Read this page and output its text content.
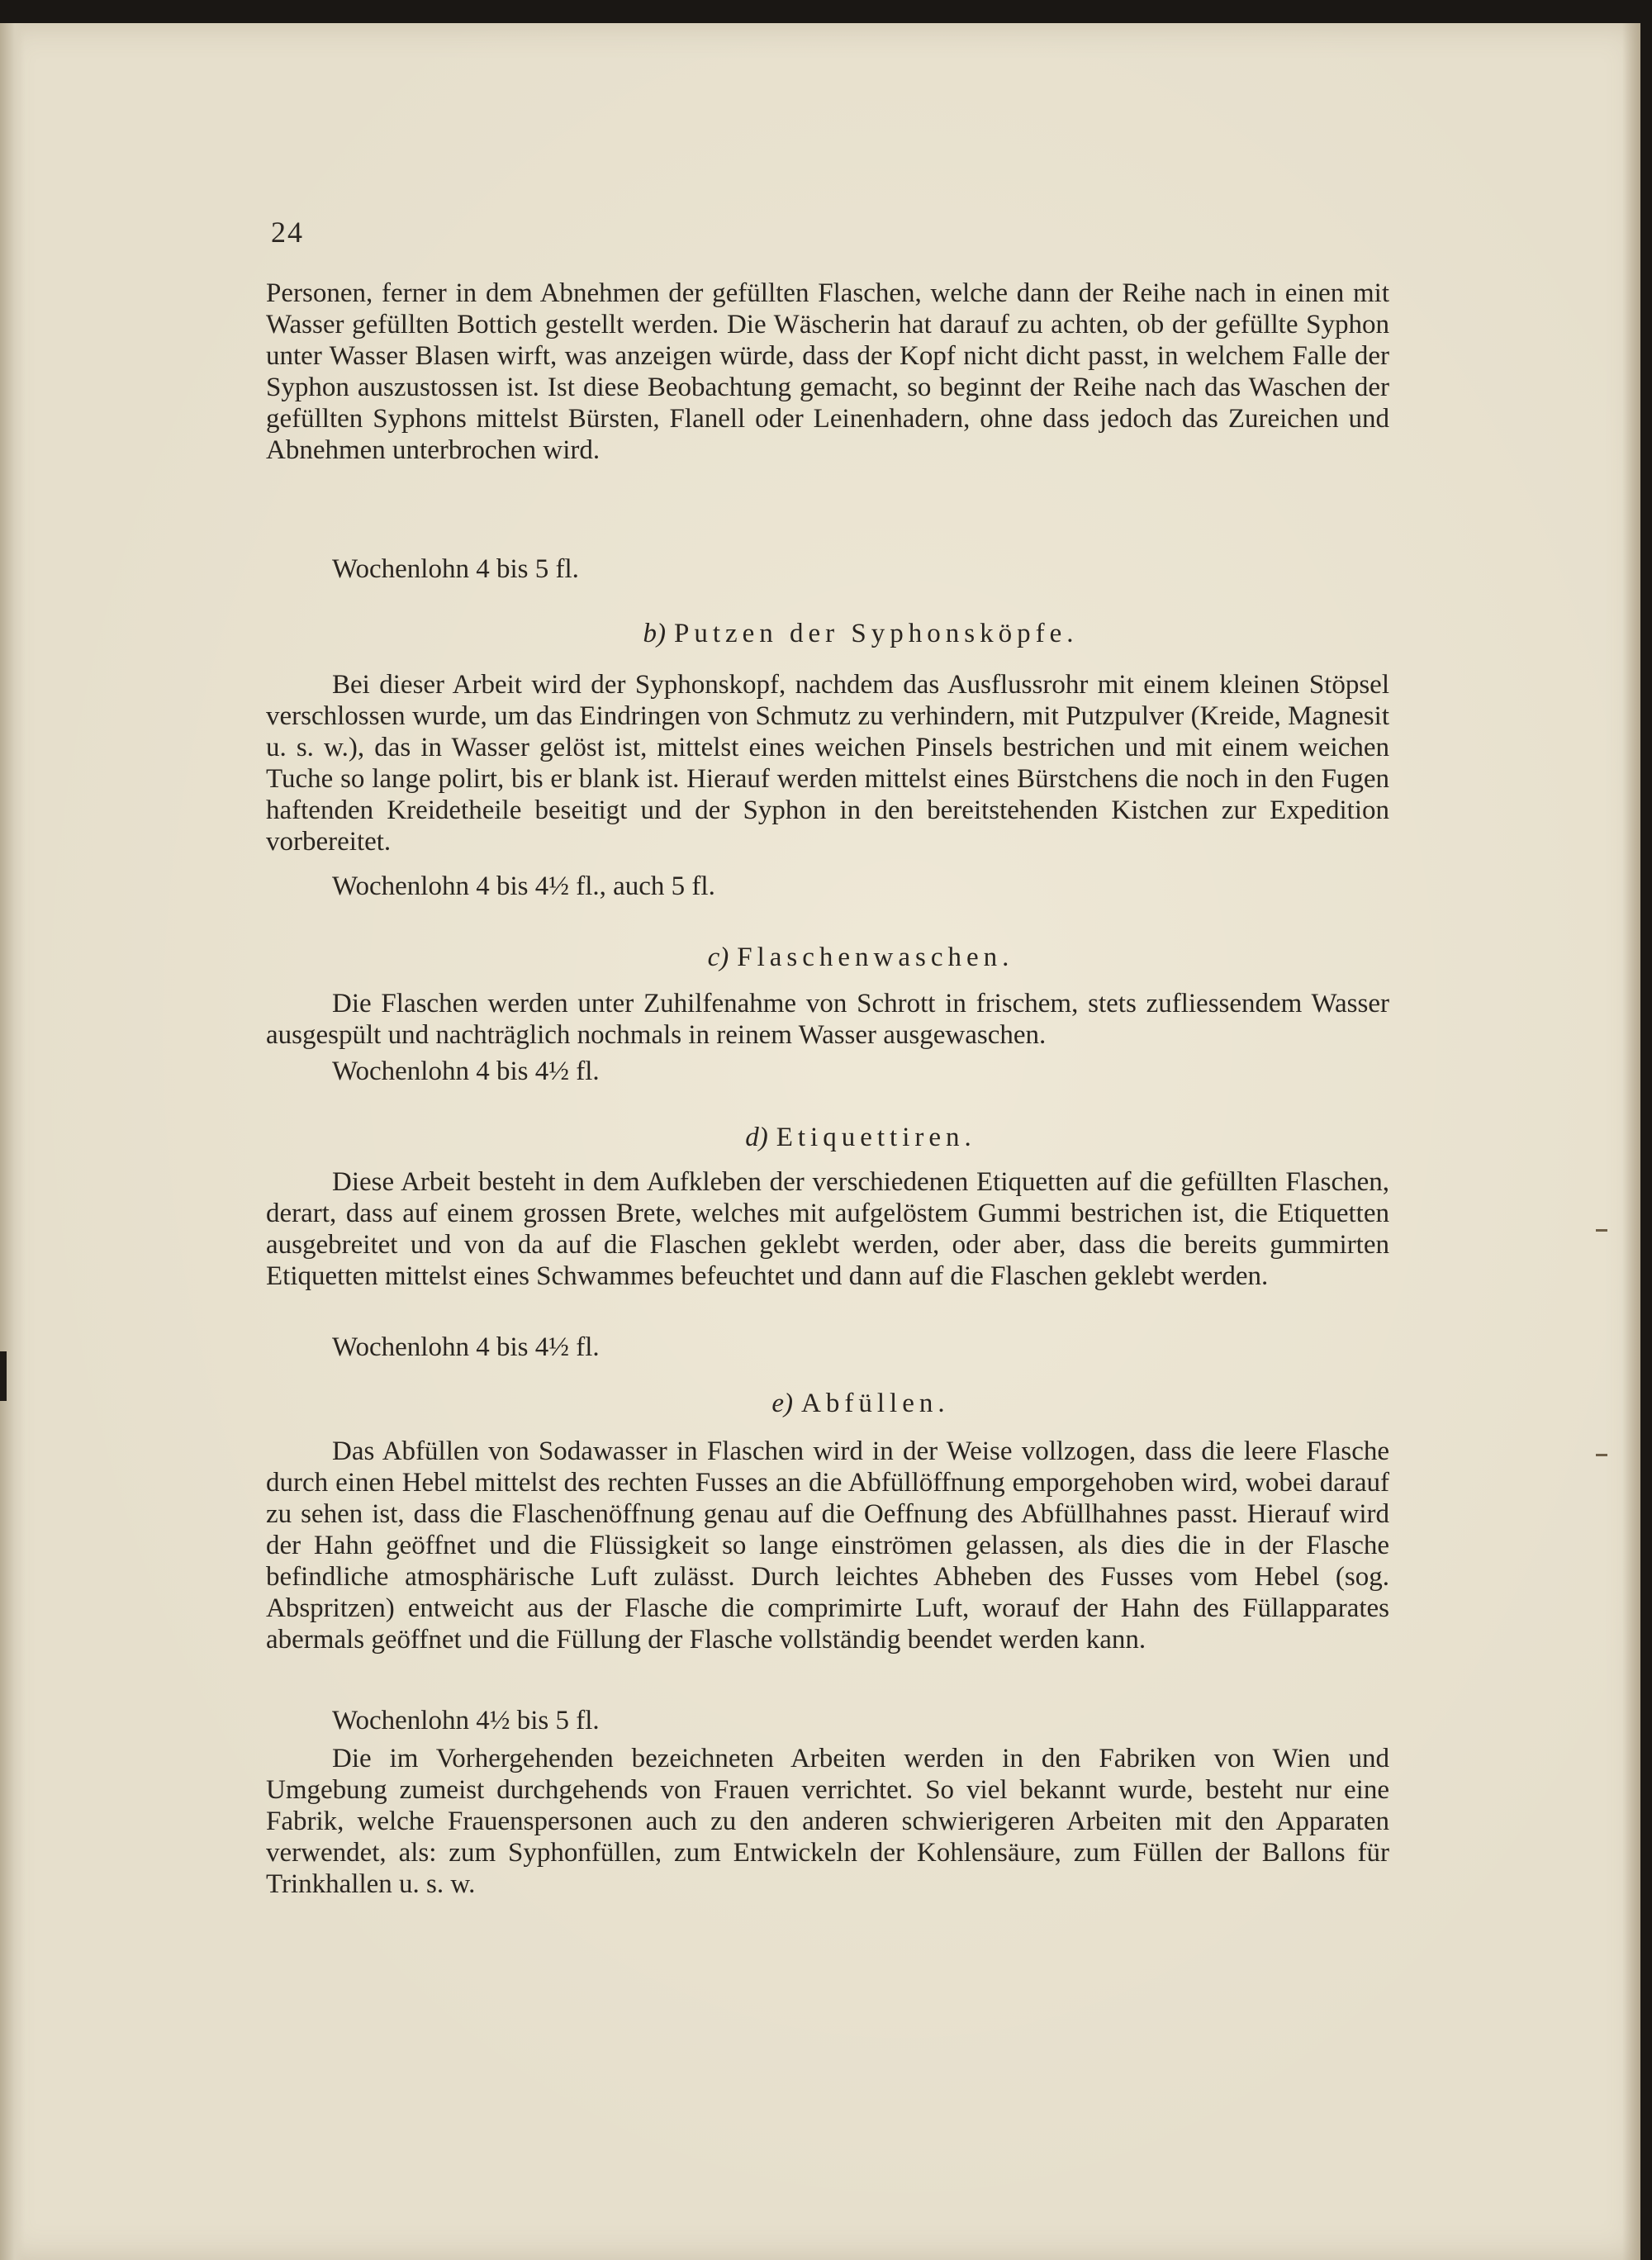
24

Personen, ferner in dem Abnehmen der gefüllten Flaschen, welche dann der Reihe nach in einen mit Wasser gefüllten Bottich gestellt werden. Die Wäscherin hat darauf zu achten, ob der gefüllte Syphon unter Wasser Blasen wirft, was anzeigen würde, dass der Kopf nicht dicht passt, in welchem Falle der Syphon auszustossen ist. Ist diese Beobachtung gemacht, so beginnt der Reihe nach das Waschen der gefüllten Syphons mittelst Bürsten, Flanell oder Leinenhadern, ohne dass jedoch das Zureichen und Abnehmen unterbrochen wird.

Wochenlohn 4 bis 5 fl.

b) Putzen der Syphonsköpfe.

Bei dieser Arbeit wird der Syphonskopf, nachdem das Ausflussrohr mit einem kleinen Stöpsel verschlossen wurde, um das Eindringen von Schmutz zu verhindern, mit Putzpulver (Kreide, Magnesit u. s. w.), das in Wasser gelöst ist, mittelst eines weichen Pinsels bestrichen und mit einem weichen Tuche so lange polirt, bis er blank ist. Hierauf werden mittelst eines Bürstchens die noch in den Fugen haftenden Kreidetheile beseitigt und der Syphon in den bereitstehenden Kistchen zur Expedition vorbereitet.

Wochenlohn 4 bis 4½ fl., auch 5 fl.

c) Flaschenwaschen.

Die Flaschen werden unter Zuhilfenahme von Schrott in frischem, stets zufliessendem Wasser ausgespült und nachträglich nochmals in reinem Wasser ausgewaschen.

Wochenlohn 4 bis 4½ fl.

d) Etiquettiren.

Diese Arbeit besteht in dem Aufkleben der verschiedenen Etiquetten auf die gefüllten Flaschen, derart, dass auf einem grossen Brete, welches mit aufgelöstem Gummi bestrichen ist, die Etiquetten ausgebreitet und von da auf die Flaschen geklebt werden, oder aber, dass die bereits gummirten Etiquetten mittelst eines Schwammes befeuchtet und dann auf die Flaschen geklebt werden.

Wochenlohn 4 bis 4½ fl.

e) Abfüllen.

Das Abfüllen von Sodawasser in Flaschen wird in der Weise vollzogen, dass die leere Flasche durch einen Hebel mittelst des rechten Fusses an die Abfüllöffnung emporgehoben wird, wobei darauf zu sehen ist, dass die Flaschenöffnung genau auf die Oeffnung des Abfüllhahnes passt. Hierauf wird der Hahn geöffnet und die Flüssigkeit so lange einströmen gelassen, als dies die in der Flasche befindliche atmosphärische Luft zulässt. Durch leichtes Abheben des Fusses vom Hebel (sog. Abspritzen) entweicht aus der Flasche die comprimirte Luft, worauf der Hahn des Füllapparates abermals geöffnet und die Füllung der Flasche vollständig beendet werden kann.

Wochenlohn 4½ bis 5 fl.

Die im Vorhergehenden bezeichneten Arbeiten werden in den Fabriken von Wien und Umgebung zumeist durchgehends von Frauen verrichtet. So viel bekannt wurde, besteht nur eine Fabrik, welche Frauenspersonen auch zu den anderen schwierigeren Arbeiten mit den Apparaten verwendet, als: zum Syphonfüllen, zum Entwickeln der Kohlensäure, zum Füllen der Ballons für Trinkhallen u. s. w.
